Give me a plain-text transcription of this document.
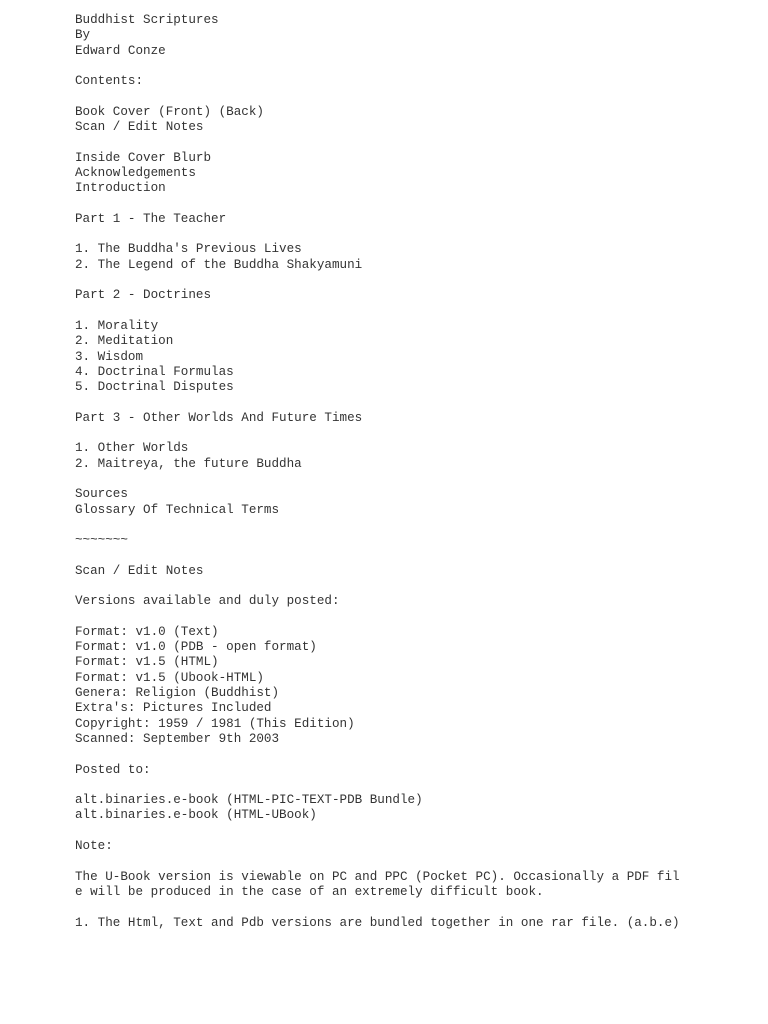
Buddhist Scriptures
By
Edward Conze
Contents:
Book Cover (Front) (Back)
Scan / Edit Notes
Inside Cover Blurb
Acknowledgements
Introduction
Part 1 - The Teacher
1. The Buddha's Previous Lives
2. The Legend of the Buddha Shakyamuni
Part 2 - Doctrines
1. Morality
2. Meditation
3. Wisdom
4. Doctrinal Formulas
5. Doctrinal Disputes
Part 3 - Other Worlds And Future Times
1. Other Worlds
2. Maitreya, the future Buddha
Sources
Glossary Of Technical Terms
~~~~~~~
Scan / Edit Notes
Versions available and duly posted:
Format: v1.0 (Text)
Format: v1.0 (PDB - open format)
Format: v1.5 (HTML)
Format: v1.5 (Ubook-HTML)
Genera: Religion (Buddhist)
Extra's: Pictures Included
Copyright: 1959 / 1981 (This Edition)
Scanned: September 9th 2003
Posted to:
alt.binaries.e-book (HTML-PIC-TEXT-PDB Bundle)
alt.binaries.e-book (HTML-UBook)
Note:
The U-Book version is viewable on PC and PPC (Pocket PC). Occasionally a PDF fil
e will be produced in the case of an extremely difficult book.
1. The Html, Text and Pdb versions are bundled together in one rar file. (a.b.e)
